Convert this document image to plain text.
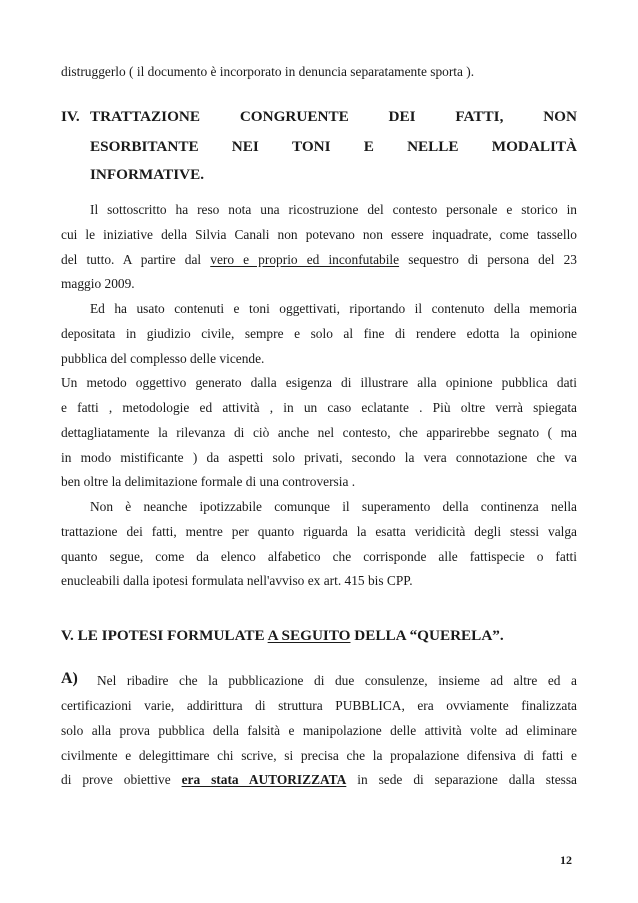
distruggerlo ( il documento è incorporato in denuncia separatamente sporta ).
IV. TRATTAZIONE	CONGRUENTE	DEI	FATTI,	NON
ESORBITANTE NEI TONI E NELLE MODALITÀ
INFORMATIVE.
Il sottoscritto ha reso nota una ricostruzione del contesto personale e storico in
cui le iniziative della Silvia Canali non potevano non essere inquadrate, come tassello
del tutto. A partire dal vero e proprio ed inconfutabile sequestro di persona del 23
maggio 2009.
Ed ha usato contenuti e toni oggettivati, riportando il contenuto della memoria
depositata in giudizio civile, sempre e solo al fine di rendere edotta la opinione
pubblica del complesso delle vicende.
Un metodo oggettivo generato dalla esigenza di illustrare alla opinione pubblica dati
e fatti , metodologie ed attività , in un caso eclatante . Più oltre verrà spiegata
dettagliatamente la rilevanza di ciò anche nel contesto, che apparirebbe segnato ( ma
in modo mistificante ) da aspetti solo privati, secondo la vera connotazione che va
ben oltre la delimitazione formale di una controversia .
Non è neanche ipotizzabile comunque il superamento della continenza nella
trattazione dei fatti, mentre per quanto riguarda la esatta veridicità degli stessi valga
quanto segue, come da elenco alfabetico che corrisponde alle fattispecie o fatti
enucleabili dalla ipotesi formulata nell'avviso ex art. 415 bis CPP.
V. LE IPOTESI FORMULATE A SEGUITO DELLA “QUERELA”.
A) Nel ribadire che la pubblicazione di due consulenze, insieme ad altre ed a
certificazioni varie, addirittura di struttura PUBBLICA, era ovviamente finalizzata
solo alla prova pubblica della falsità e manipolazione delle attività volte ad eliminare
civilmente e delegittimare chi scrive, si precisa che la propalazione difensiva di fatti e
di prove obiettive era stata AUTORIZZATA in sede di separazione dalla stessa
12
